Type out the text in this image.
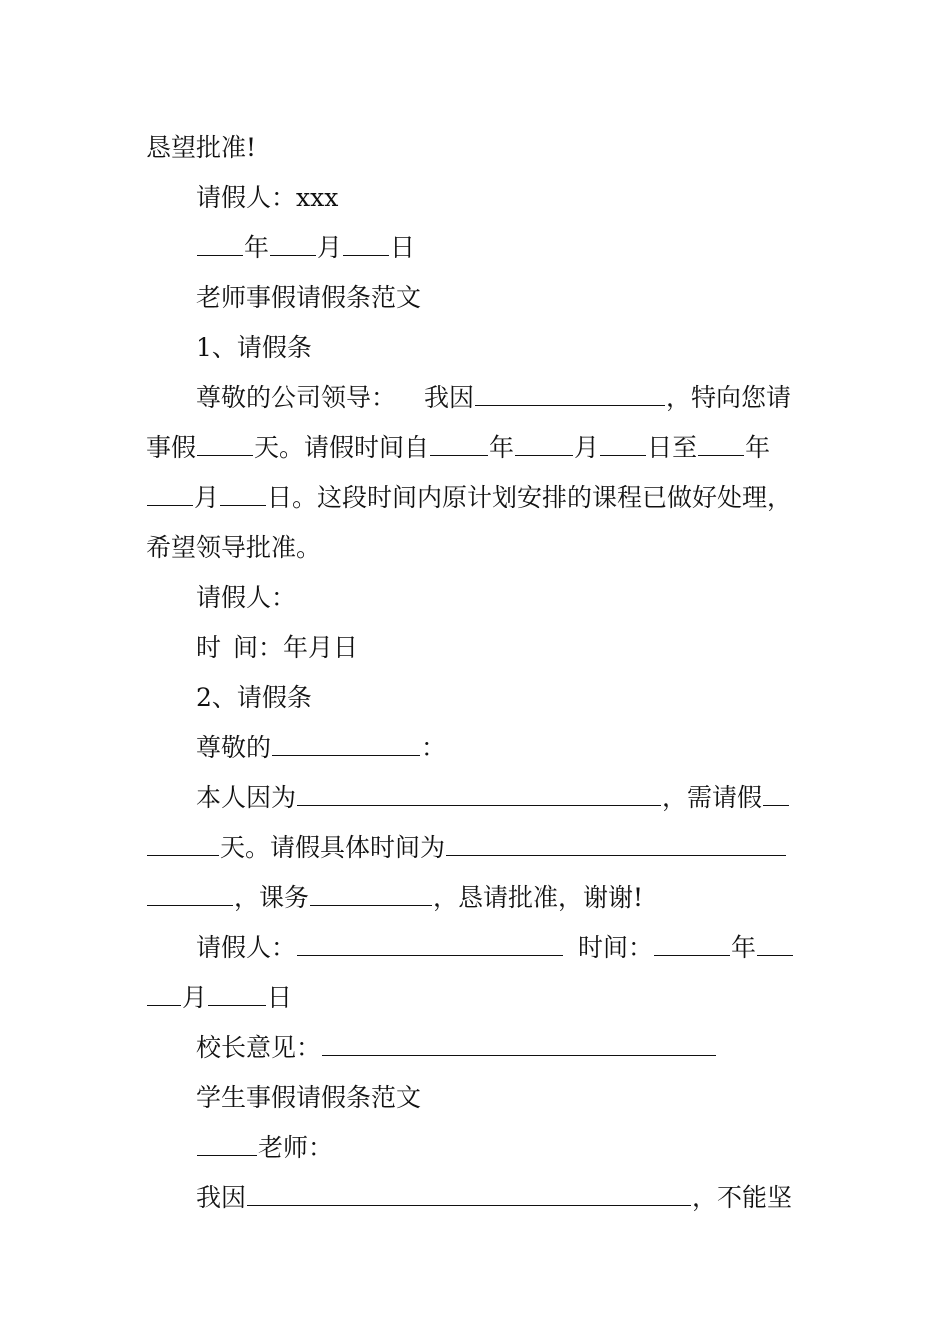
恳望批准!
请假人：xxx
年 月 日
老师事假请假条范文
1、请假条
尊敬的公司领导： 我因	，特向您请
事假 天。请假时间自 年 月 日至 年
月 日。这段时间内原计划安排的课程已做好处理，
希望领导批准。
请假人：
时 间：年月日
2、请假条
尊敬的	：
本人因为	，需请假
天。请假具体时间为
，课务	，恳请批准，谢谢!
请假人：	时间：	年
月 日
校长意见：
学生事假请假条范文
老师：
我因	，不能坚
